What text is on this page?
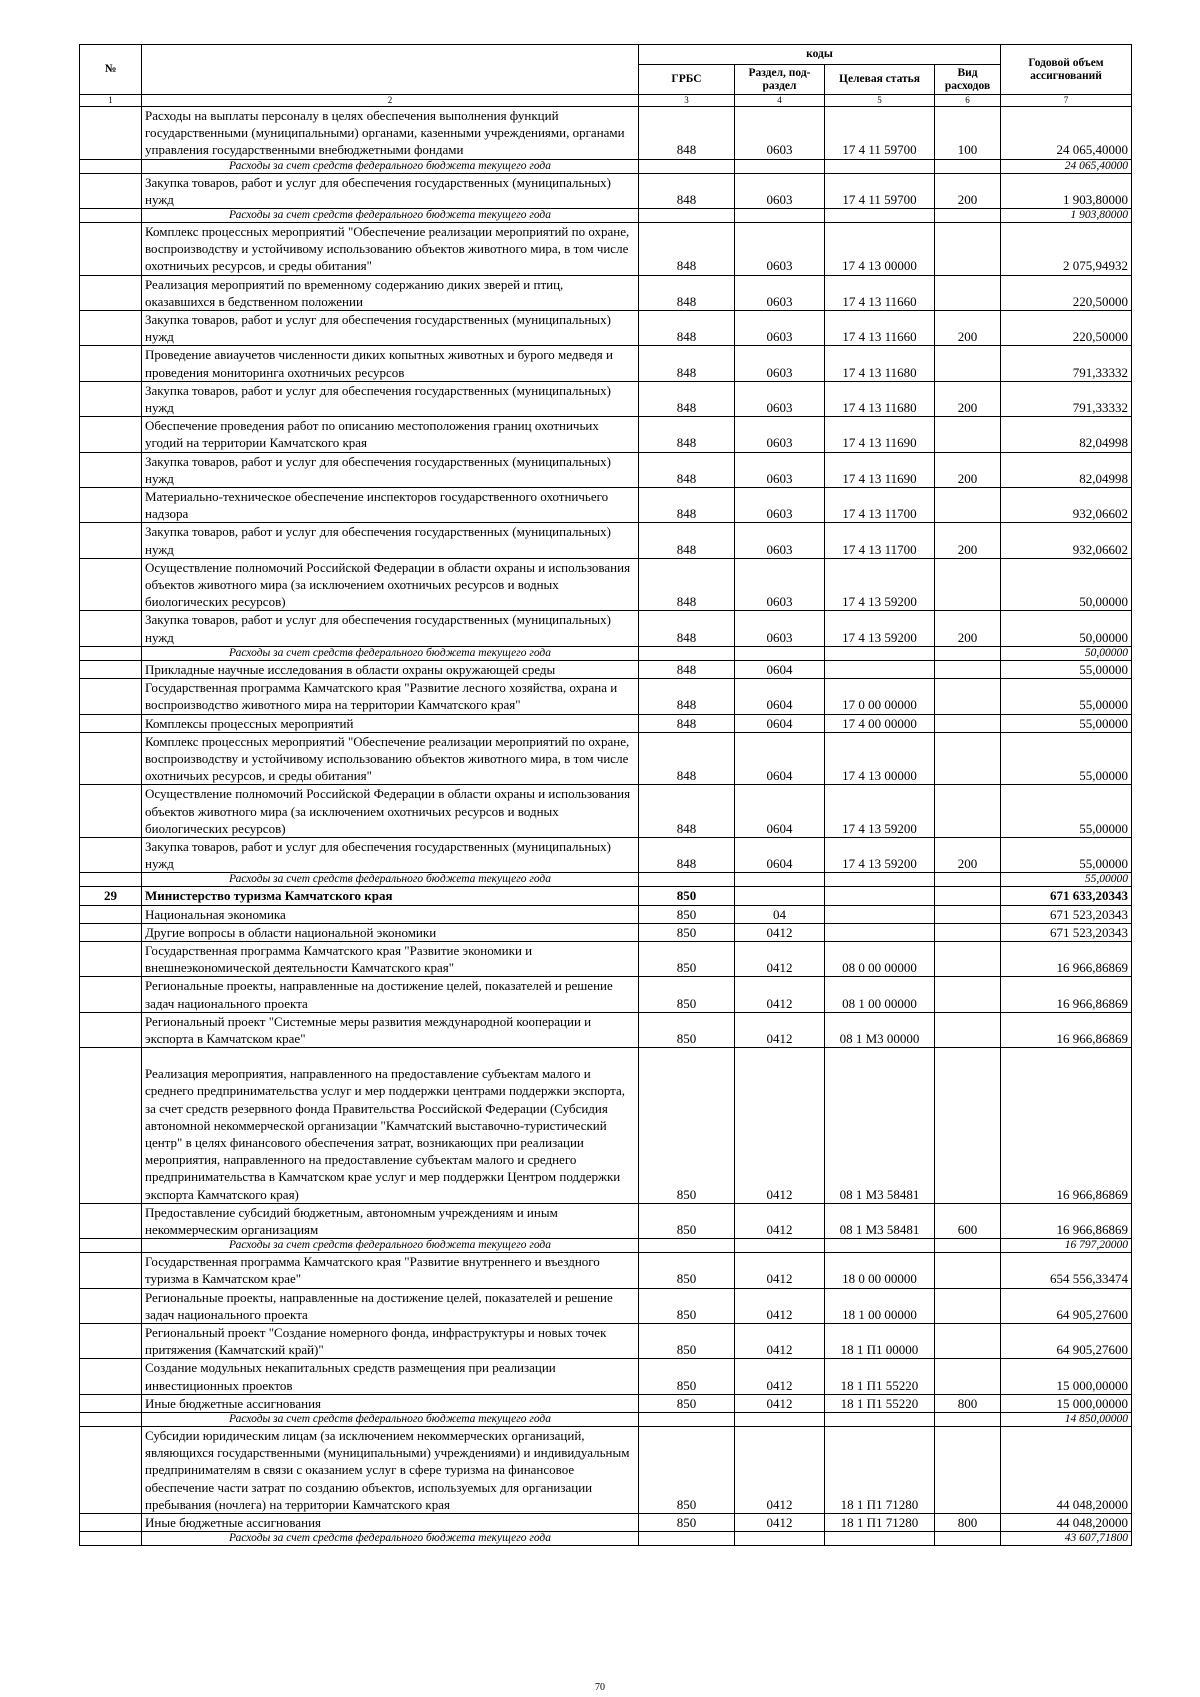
№		коды				Годовой объем ассигнований
		ГРБС	Раздел, под-раздел	Целевая статья	Вид расходов	
1	2	3	4	5	6	7
	Расходы на выплаты персоналу в целях обеспечения выполнения функций государственными (муниципальными) органами, казенными учреждениями, органами управления государственными внебюджетными фондами	848	0603	17 4 11 59700	100	24 065,40000
	Расходы за счет средств федерального бюджета текущего года					24 065,40000
	Закупка товаров, работ и услуг для обеспечения государственных (муниципальных) нужд	848	0603	17 4 11 59700	200	1 903,80000
	Расходы за счет средств федерального бюджета текущего года					1 903,80000
	Комплекс процессных мероприятий "Обеспечение реализации мероприятий по охране, воспроизводству и устойчивому использованию объектов животного мира, в том числе охотничьих ресурсов, и среды обитания"	848	0603	17 4 13 00000		2 075,94932
	Реализация мероприятий по временному содержанию диких зверей и птиц, оказавшихся в бедственном положении	848	0603	17 4 13 11660		220,50000
	Закупка товаров, работ и услуг для обеспечения государственных (муниципальных) нужд	848	0603	17 4 13 11660	200	220,50000
	Проведение авиаучетов численности диких копытных животных и бурого медведя и проведения мониторинга охотничьих ресурсов	848	0603	17 4 13 11680		791,33332
	Закупка товаров, работ и услуг для обеспечения государственных (муниципальных) нужд	848	0603	17 4 13 11680	200	791,33332
	Обеспечение проведения работ по описанию местоположения границ охотничьих угодий на территории Камчатского края	848	0603	17 4 13 11690		82,04998
	Закупка товаров, работ и услуг для обеспечения государственных (муниципальных) нужд	848	0603	17 4 13 11690	200	82,04998
	Материально-техническое обеспечение инспекторов государственного охотничьего надзора	848	0603	17 4 13 11700		932,06602
	Закупка товаров, работ и услуг для обеспечения государственных (муниципальных) нужд	848	0603	17 4 13 11700	200	932,06602
	Осуществление полномочий Российской Федерации в области охраны и использования объектов животного мира (за исключением охотничьих ресурсов и водных биологических ресурсов)	848	0603	17 4 13 59200		50,00000
	Закупка товаров, работ и услуг для обеспечения государственных (муниципальных) нужд	848	0603	17 4 13 59200	200	50,00000
	Расходы за счет средств федерального бюджета текущего года					50,00000
	Прикладные научные исследования в области охраны окружающей среды	848	0604			55,00000
	Государственная программа Камчатского края "Развитие лесного хозяйства, охрана и воспроизводство животного мира на территории Камчатского края"	848	0604	17 0 00 00000		55,00000
	Комплексы процессных мероприятий	848	0604	17 4 00 00000		55,00000
	Комплекс процессных мероприятий "Обеспечение реализации мероприятий по охране, воспроизводству и устойчивому использованию объектов животного мира, в том числе охотничьих ресурсов, и среды обитания"	848	0604	17 4 13 00000		55,00000
	Осуществление полномочий Российской Федерации в области охраны и использования объектов животного мира (за исключением охотничьих ресурсов и водных биологических ресурсов)	848	0604	17 4 13 59200		55,00000
	Закупка товаров, работ и услуг для обеспечения государственных (муниципальных) нужд	848	0604	17 4 13 59200	200	55,00000
	Расходы за счет средств федерального бюджета текущего года					55,00000
29	Министерство туризма Камчатского края	850				671 633,20343
	Национальная экономика	850	04			671 523,20343
	Другие вопросы в области национальной экономики	850	0412			671 523,20343
	Государственная программа Камчатского края "Развитие экономики и внешнеэкономической деятельности Камчатского края"	850	0412	08 0 00 00000		16 966,86869
	Региональные проекты, направленные на достижение целей, показателей и решение задач национального проекта	850	0412	08 1 00 00000		16 966,86869
	Региональный проект "Системные меры развития международной кооперации и экспорта в Камчатском крае"	850	0412	08 1 М3 00000		16 966,86869
	Реализация мероприятия, направленного на предоставление субъектам малого и среднего предпринимательства услуг и мер поддержки центрами поддержки экспорта, за счет средств резервного фонда Правительства Российской Федерации (Субсидия автономной некоммерческой организации "Камчатский выставочно-туристический центр" в целях финансового обеспечения затрат, возникающих при реализации мероприятия, направленного на предоставление субъектам малого и среднего предпринимательства в Камчатском крае услуг и мер поддержки Центром поддержки экспорта Камчатского края)	850	0412	08 1 М3 58481		16 966,86869
	Предоставление субсидий бюджетным, автономным учреждениям и иным некоммерческим организациям	850	0412	08 1 М3 58481	600	16 966,86869
	Расходы за счет средств федерального бюджета текущего года					16 797,20000
	Государственная программа Камчатского края "Развитие внутреннего и въездного туризма в Камчатском крае"	850	0412	18 0 00 00000		654 556,33474
	Региональные проекты, направленные на достижение целей, показателей и решение задач национального проекта	850	0412	18 1 00 00000		64 905,27600
	Региональный проект "Создание номерного фонда, инфраструктуры и новых точек притяжения (Камчатский край)"	850	0412	18 1 П1 00000		64 905,27600
	Создание модульных некапитальных средств размещения при реализации инвестиционных проектов	850	0412	18 1 П1 55220		15 000,00000
	Иные бюджетные ассигнования	850	0412	18 1 П1 55220	800	15 000,00000
	Расходы за счет средств федерального бюджета текущего года					14 850,00000
	Субсидии юридическим лицам (за исключением некоммерческих организаций, являющихся государственными (муниципальными) учреждениями) и индивидуальным предпринимателям в связи с оказанием услуг в сфере туризма на финансовое обеспечение части затрат по созданию объектов, используемых для организации пребывания (ночлега) на территории Камчатского края	850	0412	18 1 П1 71280		44 048,20000
	Иные бюджетные ассигнования	850	0412	18 1 П1 71280	800	44 048,20000
	Расходы за счет средств федерального бюджета текущего года					43 607,71800
70
